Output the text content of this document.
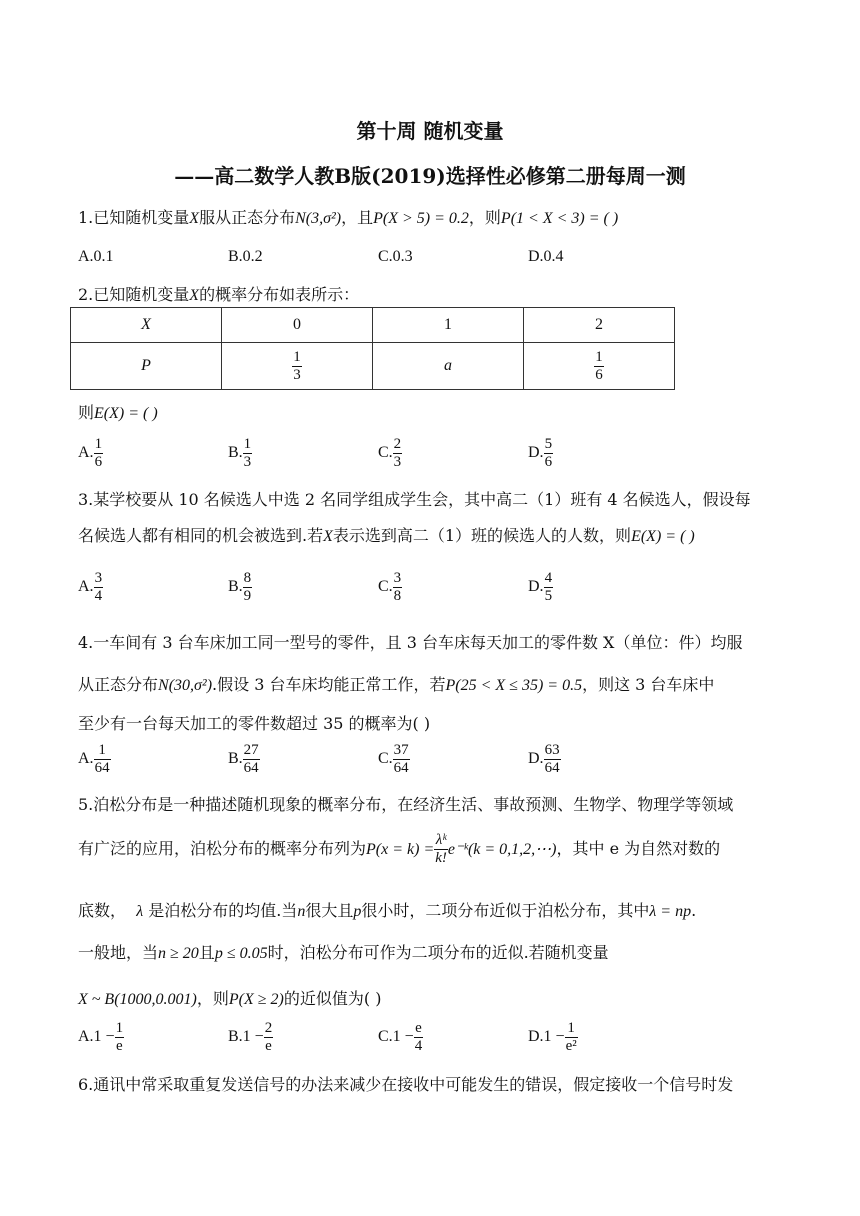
第十周 随机变量
——高二数学人教B版(2019)选择性必修第二册每周一测
1.已知随机变量X服从正态分布N(3,σ²)，且P(X > 5) = 0.2，则P(1 < X < 3) = ( )
A.0.1	B.0.2	C.0.3	D.0.4
2.已知随机变量X的概率分布如表所示：
X	0	1	2
P	$\frac{1}{3}$	a	$\frac{1}{6}$
则E(X) = ( )
A. $\frac{1}{6}$	B. $\frac{1}{3}$	C. $\frac{2}{3}$	D. $\frac{5}{6}$
3.某学校要从 10 名候选人中选 2 名同学组成学生会，其中高二（1）班有 4 名候选人，假设每
名候选人都有相同的机会被选到.若X表示选到高二（1）班的候选人的人数，则E(X) = ( )
A. $\frac{3}{4}$	B. $\frac{8}{9}$	C. $\frac{3}{8}$	D. $\frac{4}{5}$
4.一车间有 3 台车床加工同一型号的零件，且 3 台车床每天加工的零件数 X（单位：件）均服
从正态分布N(30,σ²).假设 3 台车床均能正常工作，若P(25 < X ≤ 35) = 0.5，则这 3 台车床中
至少有一台每天加工的零件数超过 35 的概率为( )
A. $\frac{1}{64}$	B. $\frac{27}{64}$	C. $\frac{37}{64}$	D. $\frac{63}{64}$
5.泊松分布是一种描述随机现象的概率分布，在经济生活、事故预测、生物学、物理学等领域
有广泛的应用，泊松分布的概率分布列为$P(x = k) = \frac{\text{λᵏ}}{k!}$ e⁻ᵏ(k = 0,1,2,⋯)，其中 e 为自然对数的
底数， λ 是泊松分布的均值.当n很大且p很小时，二项分布近似于泊松分布，其中λ = np.
一般地，当n ≥ 20且p ≤ 0.05时，泊松分布可作为二项分布的近似.若随机变量
X ~ B(1000,0.001)，则P(X ≥ 2)的近似值为( )
$A.1 - \frac{1}{e}$	$B.1 - \frac{2}{e}$	$C.1 - \frac{e}{4}$	$D.1 - \frac{1}{\text{e²}}$
6.通讯中常采取重复发送信号的办法来减少在接收中可能发生的错误，假定接收一个信号时发
